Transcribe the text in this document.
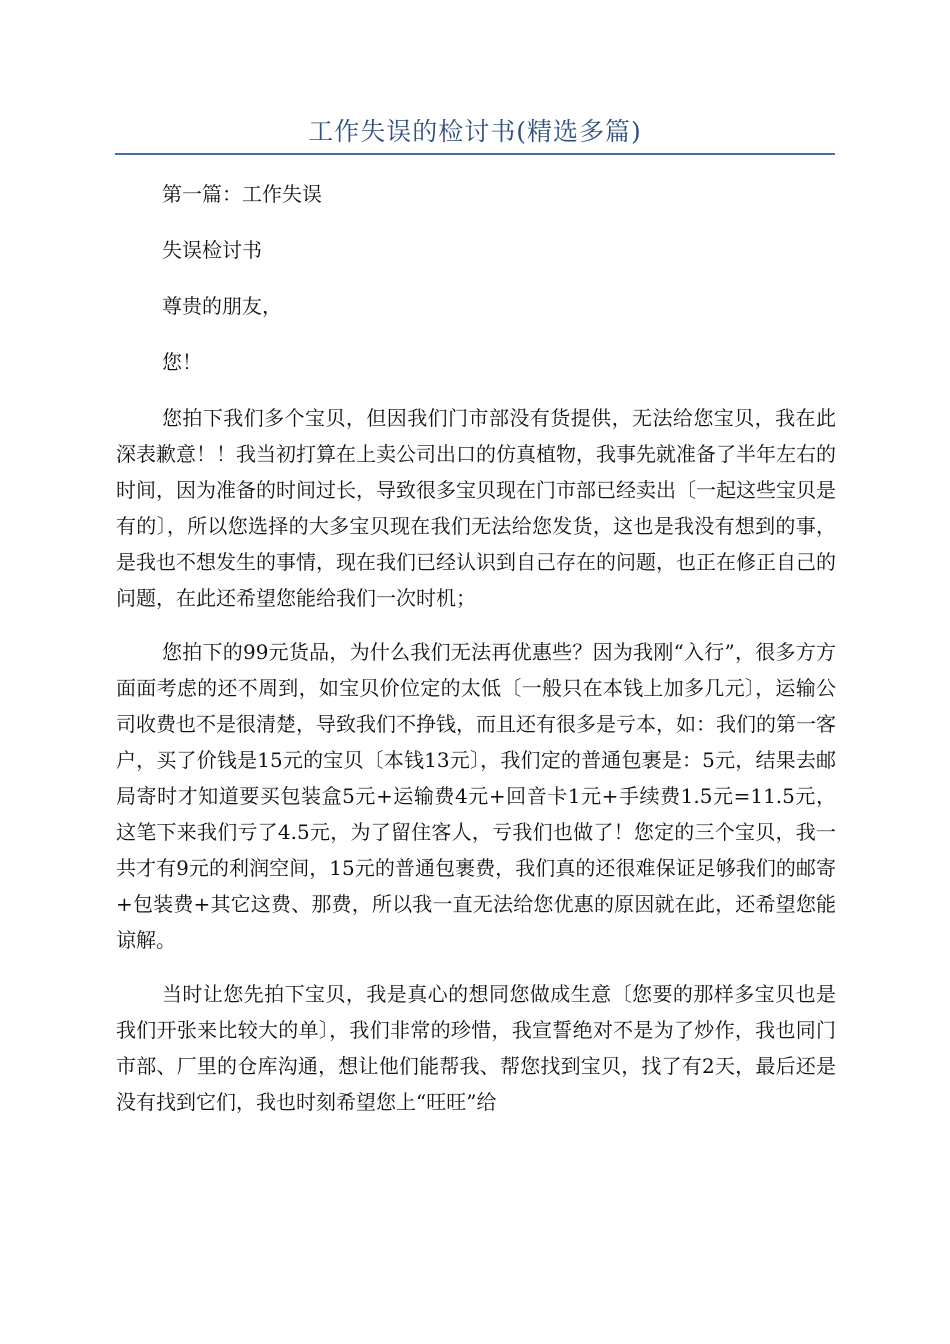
工作失误的检讨书(精选多篇)

第一篇：工作失误

失误检讨书

尊贵的朋友，

您！

您拍下我们多个宝贝，但因我们门市部没有货提供，无法给您宝贝，我在此深表歉意！！我当初打算在上卖公司出口的仿真植物，我事先就准备了半年左右的时间，因为准备的时间过长，导致很多宝贝现在门市部已经卖出〔一起这些宝贝是有的〕，所以您选择的大多宝贝现在我们无法给您发货，这也是我没有想到的事，是我也不想发生的事情，现在我们已经认识到自己存在的问题，也正在修正自己的问题，在此还希望您能给我们一次时机；

您拍下的99元货品，为什么我们无法再优惠些？因为我刚“入行”，很多方方面面考虑的还不周到，如宝贝价位定的太低〔一般只在本钱上加多几元〕，运输公司收费也不是很清楚，导致我们不挣钱，而且还有很多是亏本，如：我们的第一客户，买了价钱是15元的宝贝〔本钱13元〕，我们定的普通包裹是：5元，结果去邮局寄时才知道要买包装盒5元+运输费4元+回音卡1元+手续费1.5元=11.5元，这笔下来我们亏了4.5元，为了留住客人，亏我们也做了！您定的三个宝贝，我一共才有9元的利润空间，15元的普通包裹费，我们真的还很难保证足够我们的邮寄+包装费+其它这费、那费，所以我一直无法给您优惠的原因就在此，还希望您能谅解。

当时让您先拍下宝贝，我是真心的想同您做成生意〔您要的那样多宝贝也是我们开张来比较大的单〕，我们非常的珍惜，我宣誓绝对不是为了炒作，我也同门市部、厂里的仓库沟通，想让他们能帮我、帮您找到宝贝，找了有2天，最后还是没有找到它们，我也时刻希望您上“旺旺”给
